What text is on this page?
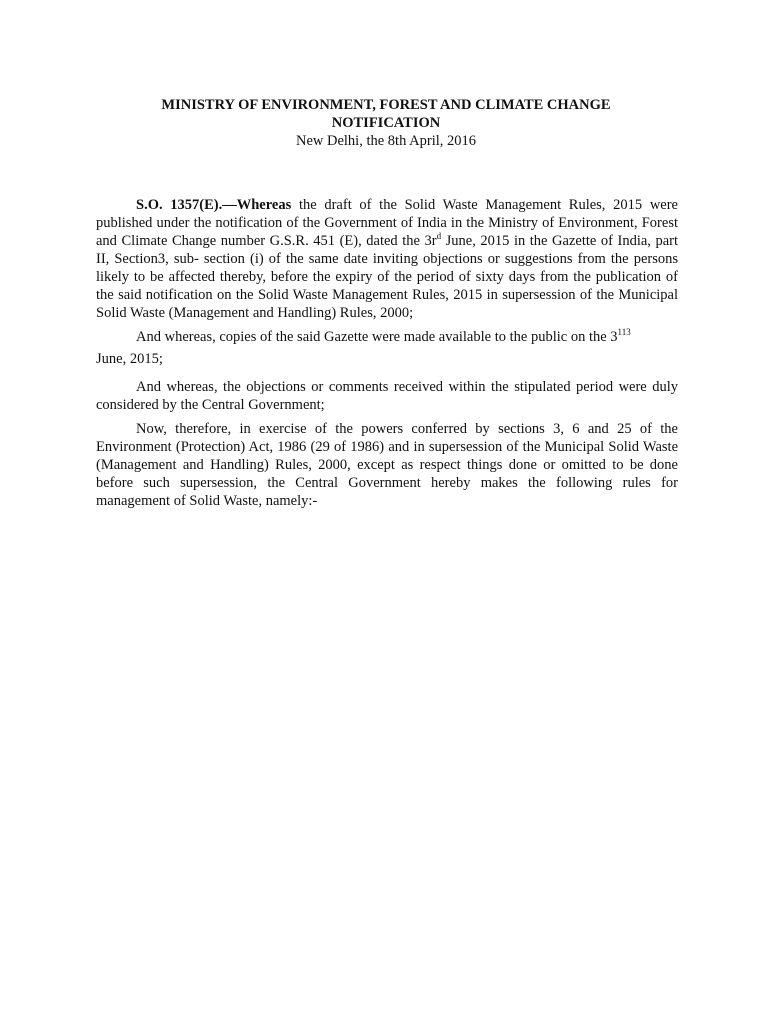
MINISTRY OF ENVIRONMENT, FOREST AND CLIMATE CHANGE
NOTIFICATION
New Delhi, the 8th April, 2016

S.O. 1357(E).—Whereas the draft of the Solid Waste Management Rules, 2015 were published under the notification of the Government of India in the Ministry of Environment, Forest and Climate Change number G.S.R. 451 (E), dated the $3r^d$ June, 2015 in the Gazette of India, part II, Section3, sub- section (i) of the same date inviting objections or suggestions from the persons likely to be affected thereby, before the expiry of the period of sixty days from the publication of the said notification on the Solid Waste Management Rules, 2015 in supersession of the Municipal Solid Waste (Management and Handling) Rules, 2000;

And whereas, copies of the said Gazette were made available to the public on the $3^{113}$
June, 2015;

And whereas, the objections or comments received within the stipulated period were duly considered by the Central Government;

Now, therefore, in exercise of the powers conferred by sections 3, 6 and 25 of the Environment (Protection) Act, 1986 (29 of 1986) and in supersession of the Municipal Solid Waste (Management and Handling) Rules, 2000, except as respect things done or omitted to be done before such supersession, the Central Government hereby makes the following rules for management of Solid Waste, namely:-
